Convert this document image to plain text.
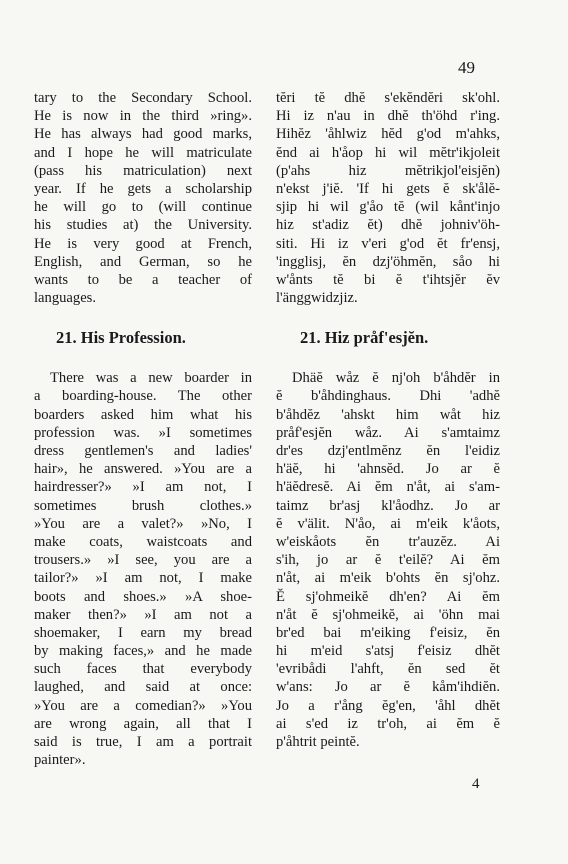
49
tary to the Secondary School.
He is now in the third »ring».
He has always had good marks,
and I hope he will matriculate
(pass his matriculation) next
year. If he gets a scholarship
he will go to (will continue
his studies at) the University.
He is very good at French,
English, and German, so he
wants to be a teacher of
languages.
21. His Profession.
There was a new boarder in
a boarding-house. The other
boarders asked him what his
profession was. »I sometimes
dress gentlemen's and ladies'
hair», he answered. »You are a
hairdresser?» »I am not, I
sometimes brush clothes.»
»You are a valet?» »No, I
make coats, waistcoats and
trousers.» »I see, you are a
tailor?» »I am not, I make
boots and shoes.» »A shoe-
maker then?» »I am not a
shoemaker, I earn my bread
by making faces,» and he made
such faces that everybody
laughed, and said at once:
»You are a comedian?» »You
are wrong again, all that I
said is true, I am a portrait
painter».
tĕri tĕ dhĕ s'ekĕndĕri sk'ohl.
Hi iz n'au in dhĕ th'öhd r'ing.
Hihĕz 'åhlwiz hĕd g'od m'ahks,
ĕnd ai h'åop hi wil mĕtr'ikjoleit
(p'ahs hiz mĕtrikjol'eisjĕn)
n'ekst j'iĕ. 'If hi gets ĕ sk'ålĕ-
sjip hi wil g'åo tĕ (wil kånt'injo
hiz st'adiz ĕt) dhĕ johniv'öh-
siti. Hi iz v'eri g'od ĕt fr'ensj,
'ingglisj, ĕn dzj'öhmĕn, såo hi
w'ånts tĕ bi ĕ t'ihtsjĕr ĕv
l'änggwidzjiz.
21. Hiz pråf'esjĕn.
Dhäĕ wåz ĕ nj'oh b'åhdĕr in
ĕ b'åhdinghaus. Dhi 'adhĕ
b'åhdĕz 'ahskt him wåt hiz
pråf'esjĕn wåz. Ai s'amtaimz
dr'es dzj'entlmĕnz ĕn l'eidiz
h'äĕ, hi 'ahnsĕd. Jo ar ĕ
h'äĕdresĕ. Ai ĕm n'åt, ai s'am-
taimz br'asj kl'åodhz. Jo ar
ĕ v'älit. N'åo, ai m'eik k'åots,
w'eiskåots ĕn tr'auzĕz. Ai
s'ih, jo ar ĕ t'eilĕ? Ai ĕm
n'åt, ai m'eik b'ohts ĕn sj'ohz.
Ĕ sj'ohmeikĕ dh'en? Ai ĕm
n'åt ĕ sj'ohmeikĕ, ai 'öhn mai
br'ed bai m'eiking f'eisiz, ĕn
hi m'eid s'atsj f'eisiz dhĕt
'evribådi l'ahft, ĕn sed ĕt
w'ans: Jo ar ĕ kåm'ihdiĕn.
Jo a r'ång ĕg'en, 'åhl dhĕt
ai s'ed iz tr'oh, ai ĕm ĕ
p'åhtrit peintĕ.
4
